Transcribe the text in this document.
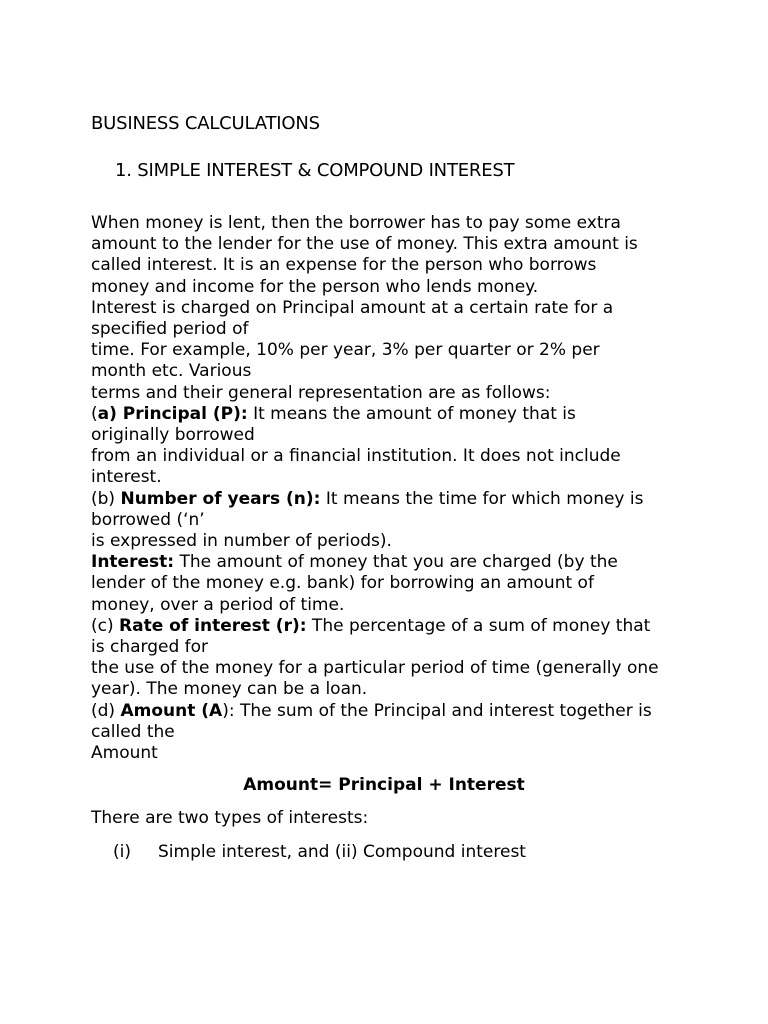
BUSINESS CALCULATIONS
1. SIMPLE INTEREST & COMPOUND INTEREST
When money is lent, then the borrower has to pay some extra
amount to the lender for the use of money. This extra amount is
called interest. It is an expense for the person who borrows
money and income for the person who lends money.
Interest is charged on Principal amount at a certain rate for a
specified period of
time. For example, 10% per year, 3% per quarter or 2% per
month etc. Various
terms and their general representation are as follows:
(a) Principal (P): It means the amount of money that is
originally borrowed
from an individual or a financial institution. It does not include
interest.
(b) Number of years (n): It means the time for which money is
borrowed (‘n’
is expressed in number of periods).
Interest: The amount of money that you are charged (by the
lender of the money e.g. bank) for borrowing an amount of
money, over a period of time.
(c) Rate of interest (r): The percentage of a sum of money that
is charged for
the use of the money for a particular period of time (generally one
year). The money can be a loan.
(d) Amount (A): The sum of the Principal and interest together is
called the
Amount
Amount= Principal + Interest
There are two types of interests:
(i) Simple interest, and (ii) Compound interest
